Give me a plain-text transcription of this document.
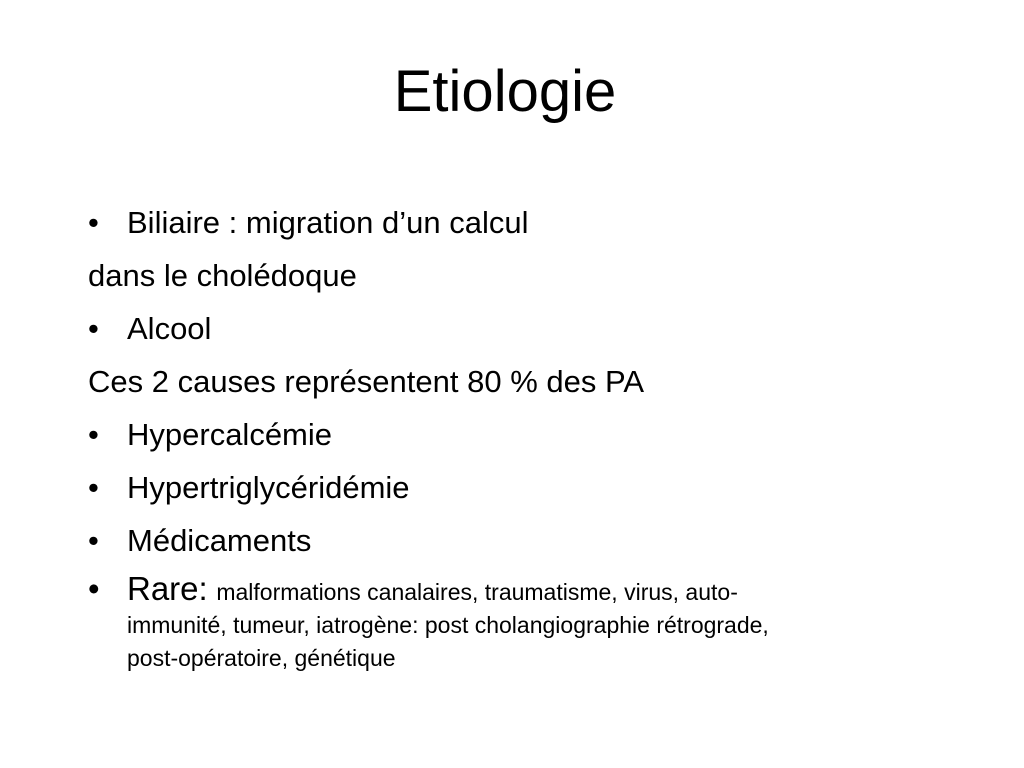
Etiologie
• Biliaire : migration d’un calcul
dans le cholédoque
• Alcool
Ces 2 causes représentent 80 % des PA
• Hypercalcémie
• Hypertriglycéridémie
• Médicaments
• Rare: malformations canalaires, traumatisme, virus, auto-
immunité, tumeur, iatrogène: post cholangiographie rétrograde,
post-opératoire, génétique
